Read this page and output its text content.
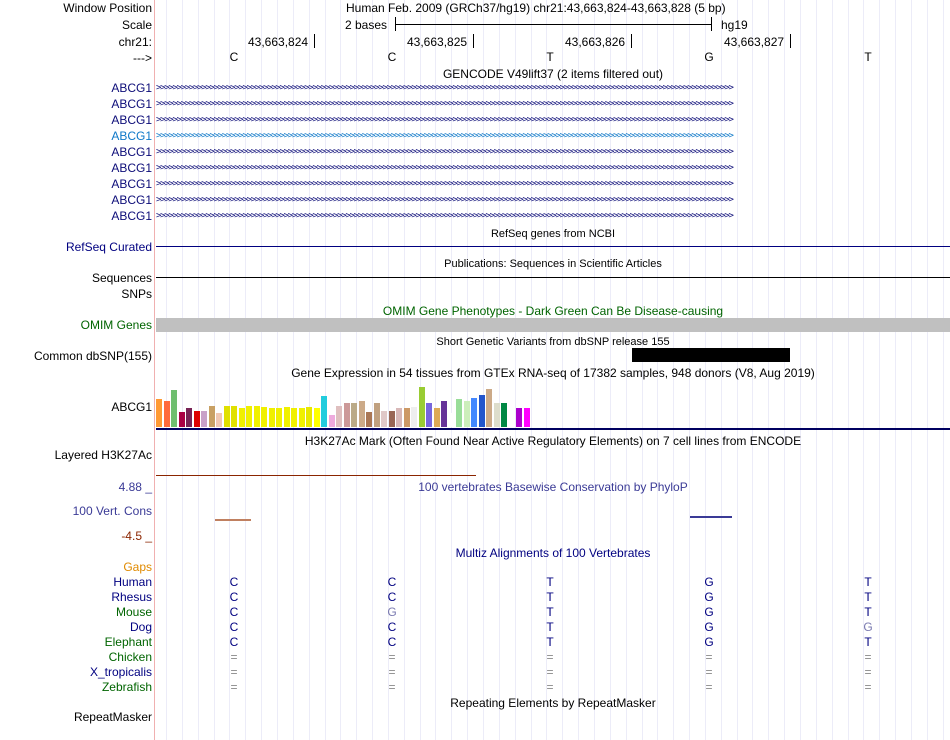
Window Position	Human Feb. 2009 (GRCh37/hg19) chr21:43,663,824-43,663,828 (5 bp)
Scale	2 bases	hg19
chr21:	43,663,824	43,663,825	43,663,826	43,663,827
--->	C	C	T	G	T
GENCODE V49lift37 (2 items filtered out)
ABCG1 >>>>>>>>>>>>>>>>>>>>>>>>>>>>>>>>>>>>>>>>>>>>>>>>>>>>>>>>>>>>>>>>>>>>>>>>>>>>>>>>>>>>>>>>>>>>>>>>>>>>>>>>>>>>>>>>>>>>>>>>>>>>>>>>>>>>>>>>>>>>
ABCG1 >>>>>>>>>>>>>>>>>>>>>>>>>>>>>>>>>>>>>>>>>>>>>>>>>>>>>>>>>>>>>>>>>>>>>>>>>>>>>>>>>>>>>>>>>>>>>>>>>>>>>>>>>>>>>>>>>>>>>>>>>>>>>>>>>>>>>>>>>>>>
ABCG1 >>>>>>>>>>>>>>>>>>>>>>>>>>>>>>>>>>>>>>>>>>>>>>>>>>>>>>>>>>>>>>>>>>>>>>>>>>>>>>>>>>>>>>>>>>>>>>>>>>>>>>>>>>>>>>>>>>>>>>>>>>>>>>>>>>>>>>>>>>>>
ABCG1 >>>>>>>>>>>>>>>>>>>>>>>>>>>>>>>>>>>>>>>>>>>>>>>>>>>>>>>>>>>>>>>>>>>>>>>>>>>>>>>>>>>>>>>>>>>>>>>>>>>>>>>>>>>>>>>>>>>>>>>>>>>>>>>>>>>>>>>>>>>>
ABCG1 >>>>>>>>>>>>>>>>>>>>>>>>>>>>>>>>>>>>>>>>>>>>>>>>>>>>>>>>>>>>>>>>>>>>>>>>>>>>>>>>>>>>>>>>>>>>>>>>>>>>>>>>>>>>>>>>>>>>>>>>>>>>>>>>>>>>>>>>>>>>
ABCG1 >>>>>>>>>>>>>>>>>>>>>>>>>>>>>>>>>>>>>>>>>>>>>>>>>>>>>>>>>>>>>>>>>>>>>>>>>>>>>>>>>>>>>>>>>>>>>>>>>>>>>>>>>>>>>>>>>>>>>>>>>>>>>>>>>>>>>>>>>>>>
ABCG1 >>>>>>>>>>>>>>>>>>>>>>>>>>>>>>>>>>>>>>>>>>>>>>>>>>>>>>>>>>>>>>>>>>>>>>>>>>>>>>>>>>>>>>>>>>>>>>>>>>>>>>>>>>>>>>>>>>>>>>>>>>>>>>>>>>>>>>>>>>>>
ABCG1 >>>>>>>>>>>>>>>>>>>>>>>>>>>>>>>>>>>>>>>>>>>>>>>>>>>>>>>>>>>>>>>>>>>>>>>>>>>>>>>>>>>>>>>>>>>>>>>>>>>>>>>>>>>>>>>>>>>>>>>>>>>>>>>>>>>>>>>>>>>>
ABCG1 >>>>>>>>>>>>>>>>>>>>>>>>>>>>>>>>>>>>>>>>>>>>>>>>>>>>>>>>>>>>>>>>>>>>>>>>>>>>>>>>>>>>>>>>>>>>>>>>>>>>>>>>>>>>>>>>>>>>>>>>>>>>>>>>>>>>>>>>>>>>
RefSeq genes from NCBI
RefSeq Curated
Publications: Sequences in Scientific Articles
Sequences
SNPs
OMIM Gene Phenotypes - Dark Green Can Be Disease-causing
OMIM Genes
Short Genetic Variants from dbSNP release 155
Common dbSNP(155)
Gene Expression in 54 tissues from GTEx RNA-seq of 17382 samples, 948 donors (V8, Aug 2019)
ABCG1
H3K27Ac Mark (Often Found Near Active Regulatory Elements) on 7 cell lines from ENCODE
Layered H3K27Ac
100 vertebrates Basewise Conservation by PhyloP
4.88 _
100 Vert. Cons
-4.5 _
Multiz Alignments of 100 Vertebrates
Gaps
Human	C	C	T	G	T
Rhesus	C	C	T	G	T
Mouse	C	G	T	G	T
Dog	C	C	T	G	G
Elephant	C	C	T	G	T
Chicken	=	=	=	=	=
X_tropicalis	=	=	=	=	=
Zebrafish	=	=	=	=	=
Repeating Elements by RepeatMasker
RepeatMasker
